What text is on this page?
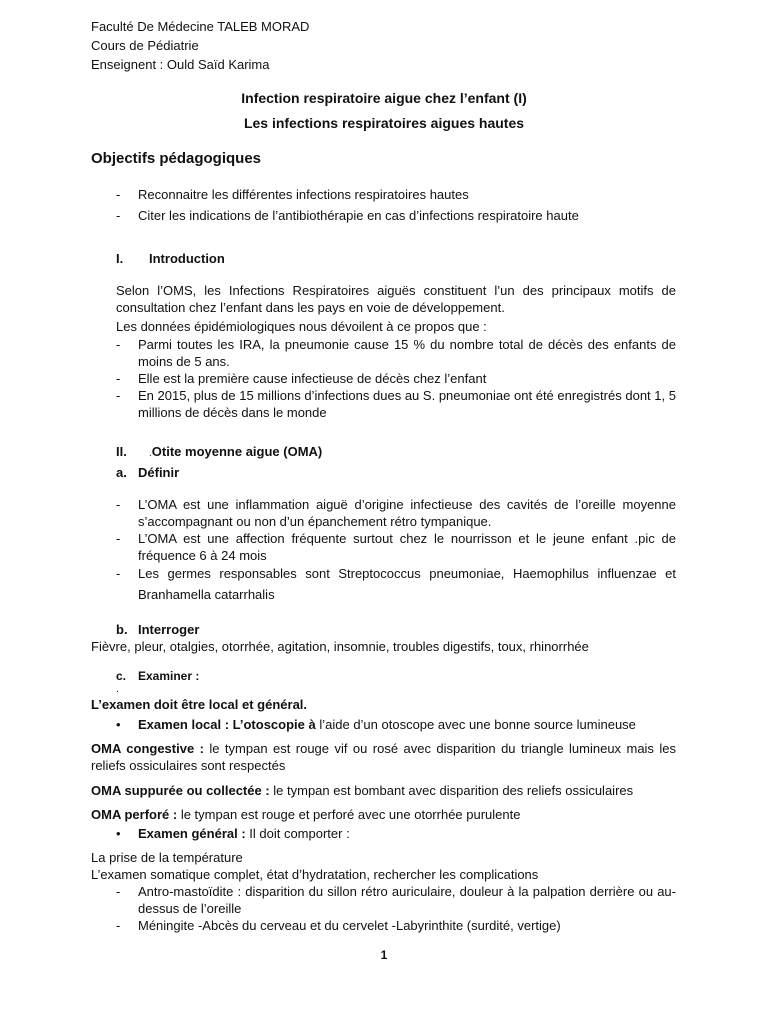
Faculté De Médecine TALEB MORAD
Cours de Pédiatrie
Enseignent : Ould Saïd Karima
Infection respiratoire aigue chez l’enfant (I)
Les infections respiratoires aigues hautes
Objectifs pédagogiques
- Reconnaitre les différentes infections respiratoires hautes
- Citer les indications de l’antibiothérapie en cas d’infections respiratoire haute
I. Introduction
Selon l’OMS, les Infections Respiratoires aiguës constituent l’un des principaux motifs de consultation chez l’enfant dans les pays en voie de développement.
Les données épidémiologiques nous dévoilent à ce propos que :
- Parmi toutes les IRA, la pneumonie cause 15 % du nombre total de décès des enfants de moins de 5 ans.
- Elle est la première cause infectieuse de décès chez l’enfant
- En 2015, plus de 15 millions d’infections dues au S. pneumoniae ont été enregistrés dont 1, 5 millions de décès dans le monde
II. .Otite moyenne aigue (OMA)
a. Définir
- L’OMA est une inflammation aiguë d’origine infectieuse des cavités de l’oreille moyenne s’accompagnant ou non d’un épanchement rétro tympanique.
- L’OMA est une affection fréquente surtout chez le nourrisson et le jeune enfant .pic de fréquence 6 à 24 mois
- Les germes responsables sont Streptococcus pneumoniae, Haemophilus influenzae et Branhamella catarrhalis
b. Interroger
Fièvre, pleur, otalgies, otorrhée, agitation, insomnie, troubles digestifs, toux, rhinorrhée
c. Examiner :
.
L’examen doit être local et général.
• Examen local : L’otoscopie à l’aide d’un otoscope avec une bonne source lumineuse
OMA congestive : le tympan est rouge vif ou rosé avec disparition du triangle lumineux mais les reliefs ossiculaires sont respectés
OMA suppurée ou collectée : le tympan est bombant avec disparition des reliefs ossiculaires
OMA perforé : le tympan est rouge et perforé avec une otorrhée purulente
• Examen général : Il doit comporter :
La prise de la température
L’examen somatique complet, état d’hydratation, rechercher les complications
- Antro-mastoïdite : disparition du sillon rétro auriculaire, douleur à la palpation derrière ou au-dessus de l’oreille
- Méningite -Abcès du cerveau et du cervelet -Labyrinthite (surdité, vertige)
1
